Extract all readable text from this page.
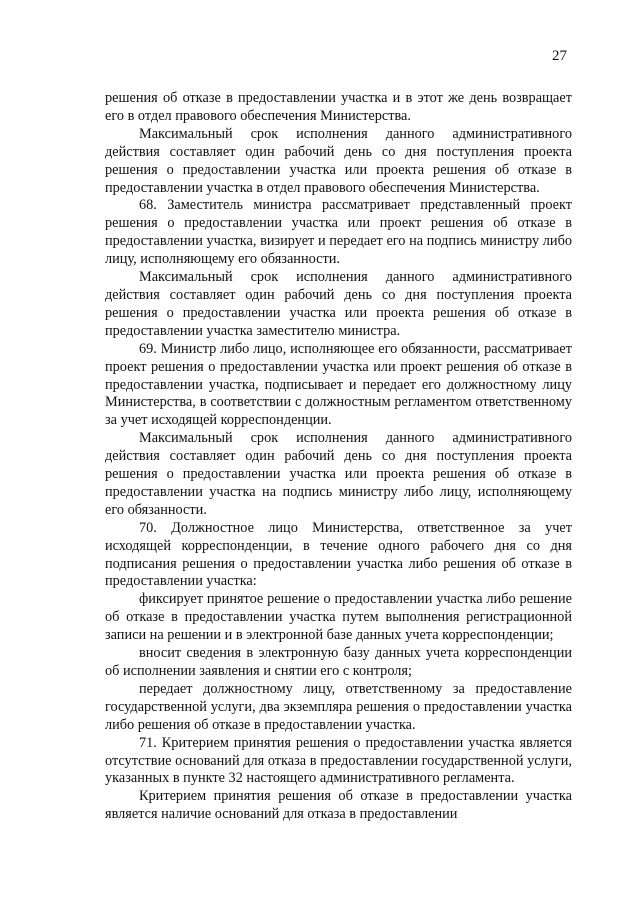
27

решения об отказе в предоставлении участка и в этот же день возвращает его в отдел правового обеспечения Министерства.

Максимальный срок исполнения данного административного действия составляет один рабочий день со дня поступления проекта решения о предоставлении участка или проекта решения об отказе в предоставлении участка в отдел правового обеспечения Министерства.

68. Заместитель министра рассматривает представленный проект решения о предоставлении участка или проект решения об отказе в предоставлении участка, визирует и передает его на подпись министру либо лицу, исполняющему его обязанности.

Максимальный срок исполнения данного административного действия составляет один рабочий день со дня поступления проекта решения о предоставлении участка или проекта решения об отказе в предоставлении участка заместителю министра.

69. Министр либо лицо, исполняющее его обязанности, рассматривает проект решения о предоставлении участка или проект решения об отказе в предоставлении участка, подписывает и передает его должностному лицу Министерства, в соответствии с должностным регламентом ответственному за учет исходящей корреспонденции.

Максимальный срок исполнения данного административного действия составляет один рабочий день со дня поступления проекта решения о предоставлении участка или проекта решения об отказе в предоставлении участка на подпись министру либо лицу, исполняющему его обязанности.

70. Должностное лицо Министерства, ответственное за учет исходящей корреспонденции, в течение одного рабочего дня со дня подписания решения о предоставлении участка либо решения об отказе в предоставлении участка:

фиксирует принятое решение о предоставлении участка либо решение об отказе в предоставлении участка путем выполнения регистрационной записи на решении и в электронной базе данных учета корреспонденции;

вносит сведения в электронную базу данных учета корреспонденции об исполнении заявления и снятии его с контроля;

передает должностному лицу, ответственному за предоставление государственной услуги, два экземпляра решения о предоставлении участка либо решения об отказе в предоставлении участка.

71. Критерием принятия решения о предоставлении участка является отсутствие оснований для отказа в предоставлении государственной услуги, указанных в пункте 32 настоящего административного регламента.

Критерием принятия решения об отказе в предоставлении участка является наличие оснований для отказа в предоставлении
